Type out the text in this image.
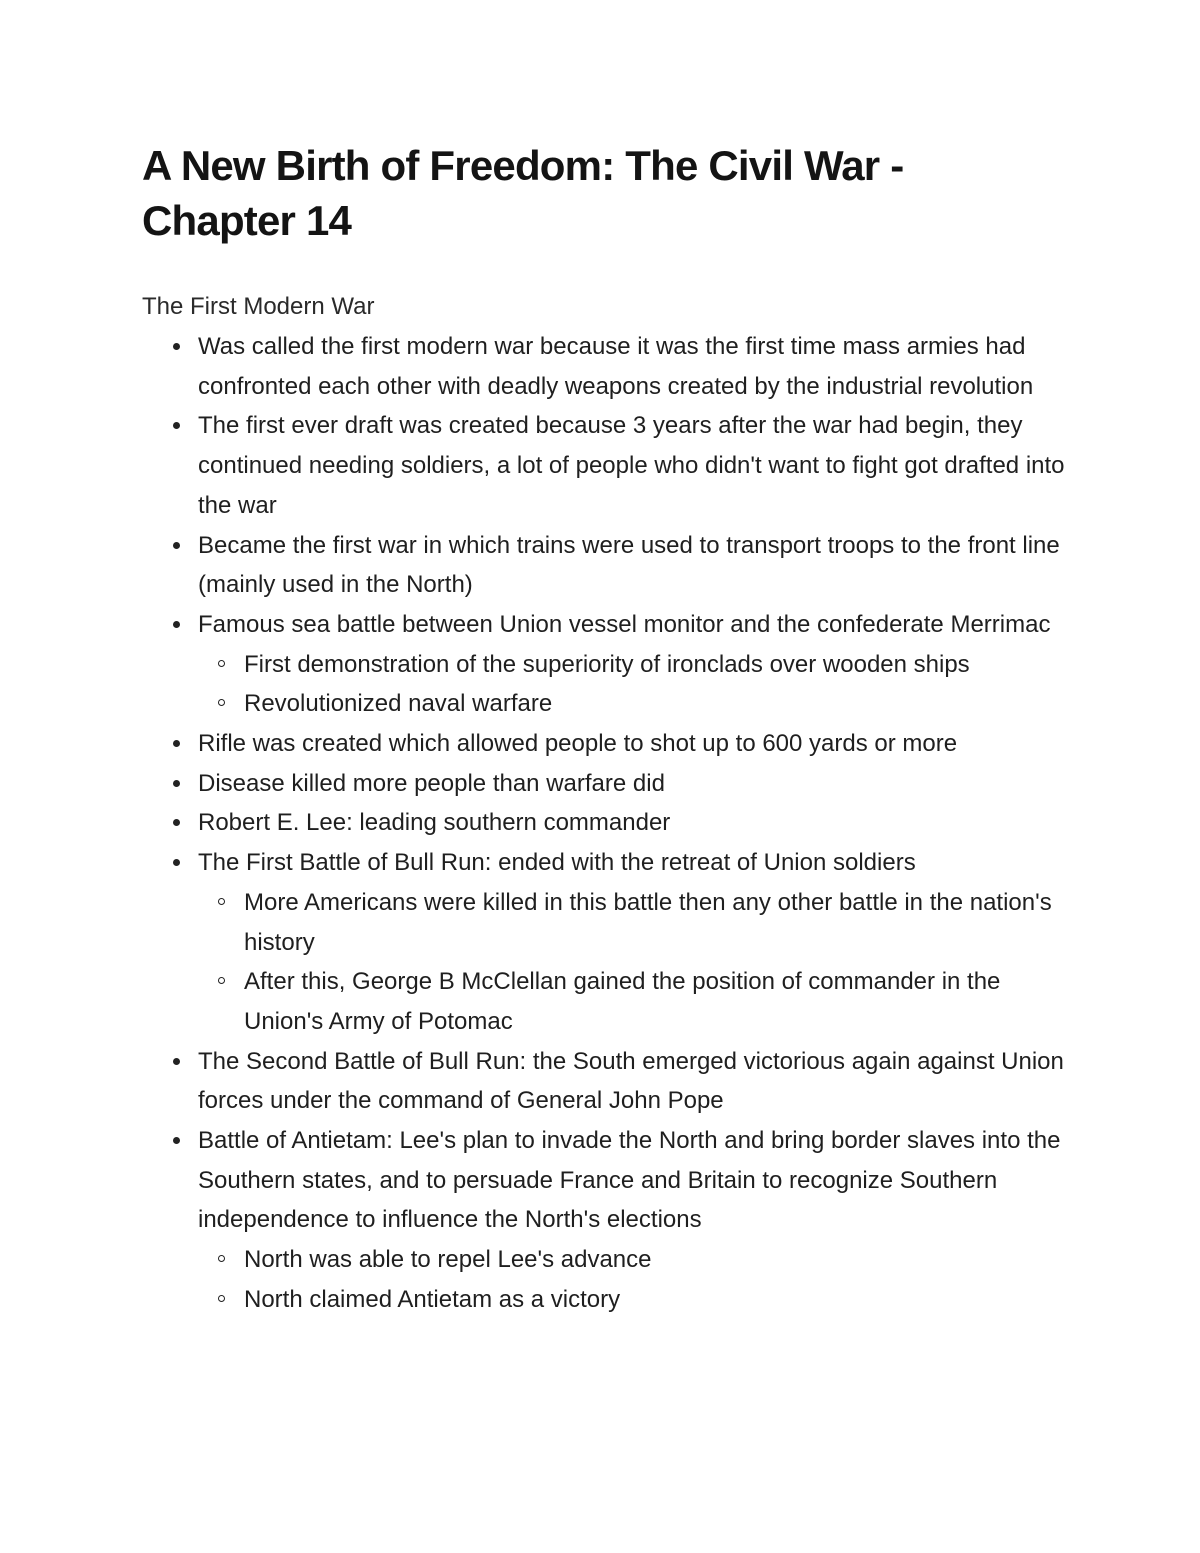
A New Birth of Freedom: The Civil War - Chapter 14
The First Modern War
Was called the first modern war because it was the first time mass armies had confronted each other with deadly weapons created by the industrial revolution
The first ever draft was created because 3 years after the war had begin, they continued needing soldiers, a lot of people who didn't want to fight got drafted into the war
Became the first war in which trains were used to transport troops to the front line (mainly used in the North)
Famous sea battle between Union vessel monitor and the confederate Merrimac
First demonstration of the superiority of ironclads over wooden ships
Revolutionized naval warfare
Rifle was created which allowed people to shot up to 600 yards or more
Disease killed more people than warfare did
Robert E. Lee: leading southern commander
The First Battle of Bull Run: ended with the retreat of Union soldiers
More Americans were killed in this battle then any other battle in the nation's history
After this, George B McClellan gained the position of commander in the Union's Army of Potomac
The Second Battle of Bull Run: the South emerged victorious again against Union forces under the command of General John Pope
Battle of Antietam: Lee's plan to invade the North and bring border slaves into the Southern states, and to persuade France and Britain to recognize Southern independence to influence the North's elections
North was able to repel Lee's advance
North claimed Antietam as a victory
